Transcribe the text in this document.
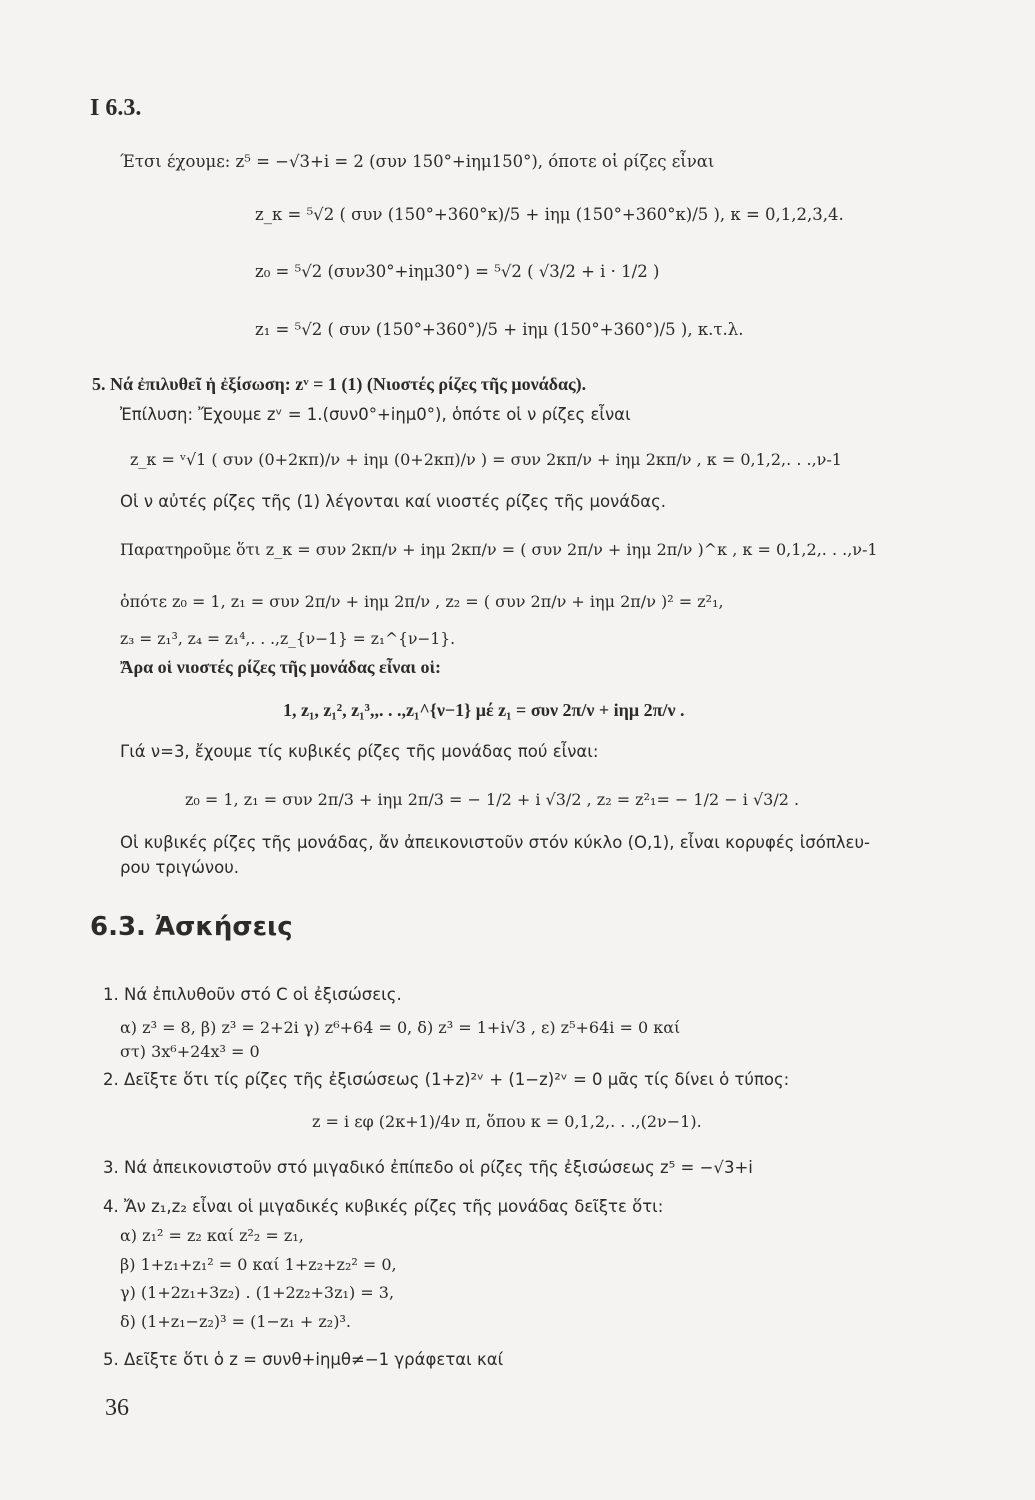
I 6.3.
Έτσι έχουμε: z⁵ = −√3+i = 2 (συν 150°+iημ150°), όποτε οἱ ρίζες εἶναι
z_κ = ⁵√2 ( συν (150°+360°κ)/5 + iημ (150°+360°κ)/5 ), κ = 0,1,2,3,4.
z₀ = ⁵√2 (συν30°+iημ30°) = ⁵√2 ( √3/2 + i · 1/2 )
z₁ = ⁵√2 ( συν (150°+360°)/5 + iημ (150°+360°)/5 ), κ.τ.λ.
5. Νά ἐπιλυθεῖ ἡ ἐξίσωση: zᵛ = 1 (1) (Νιοστές ρίζες τῆς μονάδας).
Ἐπίλυση: Ἔχουμε zᵛ = 1.(συν0°+iημ0°), ὁπότε οἱ ν ρίζες εἶναι
z_κ = ᵛ√1 ( συν (0+2κπ)/ν + iημ (0+2κπ)/ν ) = συν 2κπ/ν + iημ 2κπ/ν , κ = 0,1,2,. . .,ν-1
Οἱ ν αὐτές ρίζες τῆς (1) λέγονται καί νιοστές ρίζες τῆς μονάδας.
Παρατηροῦμε ὅτι z_κ = συν 2κπ/ν + iημ 2κπ/ν = ( συν 2π/ν + iημ 2π/ν )^κ , κ = 0,1,2,. . .,ν-1
ὁπότε z₀ = 1, z₁ = συν 2π/ν + iημ 2π/ν , z₂ = ( συν 2π/ν + iημ 2π/ν )² = z²₁,
z₃ = z₁³, z₄ = z₁⁴,. . .,z_{ν−1} = z₁^{ν−1}.
Ἄρα οἱ νιοστές ρίζες τῆς μονάδας εἶναι οἱ:
1, z₁, z₁², z₁³,,. . .,z₁^{ν−1} μέ z₁ = συν 2π/ν + iημ 2π/ν .
Γιά ν=3, ἔχουμε τίς κυβικές ρίζες τῆς μονάδας πού εἶναι:
z₀ = 1, z₁ = συν 2π/3 + iημ 2π/3 = − 1/2 + i √3/2 , z₂ = z²₁= − 1/2 − i √3/2 .
Οἱ κυβικές ρίζες τῆς μονάδας, ἄν ἀπεικονιστοῦν στόν κύκλο (Ο,1), εἶναι κορυφές ἰσόπλευ-
ρου τριγώνου.
6.3. Ἀσκήσεις
1. Νά ἐπιλυθοῦν στό C οἱ ἐξισώσεις.
α) z³ = 8, β) z³ = 2+2i γ) z⁶+64 = 0, δ) z³ = 1+i√3 , ε) z⁵+64i = 0 καί
στ) 3x⁶+24x³ = 0
2. Δεῖξτε ὅτι τίς ρίζες τῆς ἐξισώσεως (1+z)²ᵛ + (1−z)²ᵛ = 0 μᾶς τίς δίνει ὁ τύπος:
z = i εφ (2κ+1)/4ν π, ὅπου κ = 0,1,2,. . .,(2ν−1).
3. Νά ἀπεικονιστοῦν στό μιγαδικό ἐπίπεδο οἱ ρίζες τῆς ἐξισώσεως z⁵ = −√3+i
4. Ἄν z₁,z₂ εἶναι οἱ μιγαδικές κυβικές ρίζες τῆς μονάδας δεῖξτε ὅτι:
α) z₁² = z₂ καί z²₂ = z₁,
β) 1+z₁+z₁² = 0 καί 1+z₂+z₂² = 0,
γ) (1+2z₁+3z₂) . (1+2z₂+3z₁) = 3,
δ) (1+z₁−z₂)³ = (1−z₁ + z₂)³.
5. Δεῖξτε ὅτι ὁ z = συνθ+iημθ≠−1 γράφεται καί
36
